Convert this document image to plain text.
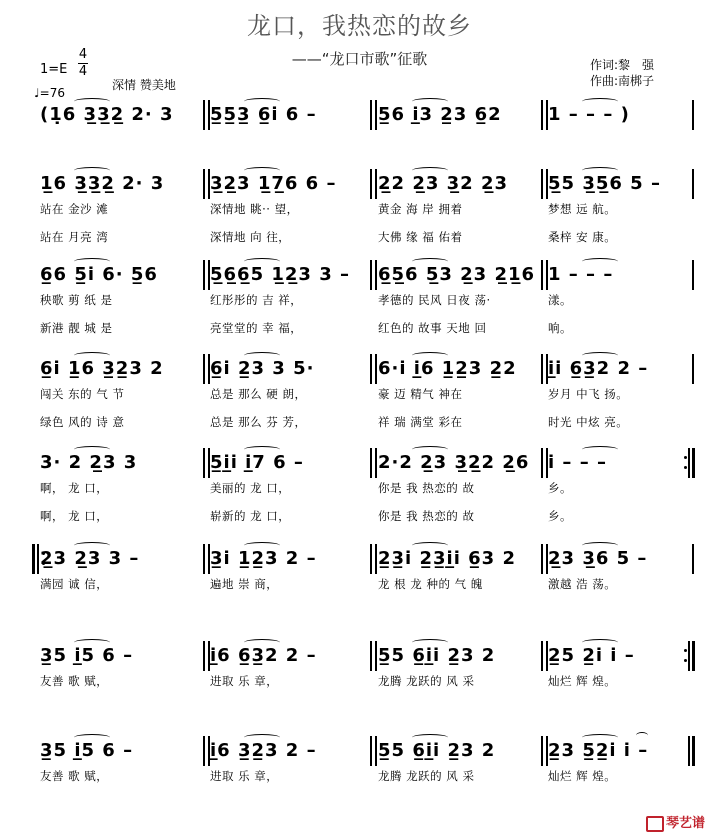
龙口，我热恋的故乡
——“龙口市歌”征歌
1=E
4
4
深情 赞美地
♩=76
作词:黎　强
作曲:南梆子
(1̣6 3̲3̲2̲ 2· 3 5̲5̲3̲ 6̲i̇ 6 –	5̲6 i̲3 2̲3 6̲2	1 – – – )
1̲6 3̲3̲2̲ 2· 3
站在 金沙 滩
站在 月亮 湾
3̲2̲3 1̲7̲6 6 –
深情地 眺·· 望，
深情地 向 往，
2̲2 2̲3 3̲2 2̲3
黄金 海 岸 拥着
大佛 缘 福 佑着
5̲5 3̲5̲6 5 –
梦想 远 航。
桑梓 安 康。
6̲6 5̲i 6· 5̲6
秧歌 剪 纸 是
新港 靓 城 是
5̲6̲6̲5 1̲2̲3 3 –
红彤彤的 吉 祥，
亮堂堂的 幸 福，
6̲5̲6 5̲3 2̲3 2̲1̲6
孝德的 民风 日夜 荡·
红色的 故事 天地 回
1 – – –
漾。
响。
6̲i 1̲6 3̲2̲3 2
闯关 东的 气 节
绿色 风的 诗 意
6̲i 2̲3 3 5·
总是 那么 硬 朗，
总是 那么 芬 芳，
6·i i̲6 1̲2̲3 2̲2
豪 迈 精气 神在
祥 瑞 满堂 彩在
i̲i 6̲3̲2 2 –
岁月 中飞 扬。
时光 中炫 亮。
3· 2 2̲3 3
啊， 龙 口，
啊， 龙 口，
5̲i̲i i̲7 6 –
美丽的 龙 口，
崭新的 龙 口，
2·2 2̲3 3̲2̲2 2̲6
你是 我 热恋的 故
你是 我 热恋的 故
i – – –
乡。
乡。
2̲3 2̲3 3 –
满园 诚 信，
3̲i 1̲2̲3 2 –
遍地 崇 商，
2̲3̲i 2̲3̲i̲i 6̲3 2
龙 根 龙 种的 气 魄
2̲3 3̲6 5 –
激越 浩 荡。
3̲5 i̲5 6 –
友善 歌 赋，
i̲6 6̲3̲2 2 –
进取 乐 章，
5̲5 6̲i̲i 2̲3 2
龙腾 龙跃的 风 采
2̲5 2̲i i –
灿烂 辉 煌。
3̲5 i̲5 6 –
友善 歌 赋，
i̲6 3̲2̲3 2 –
进取 乐 章，
5̲5 6̲i̲i 2̲3 2
龙腾 龙跃的 风 采
2̲3 5̲2̲i i –
灿烂 辉 煌。
琴艺谱
